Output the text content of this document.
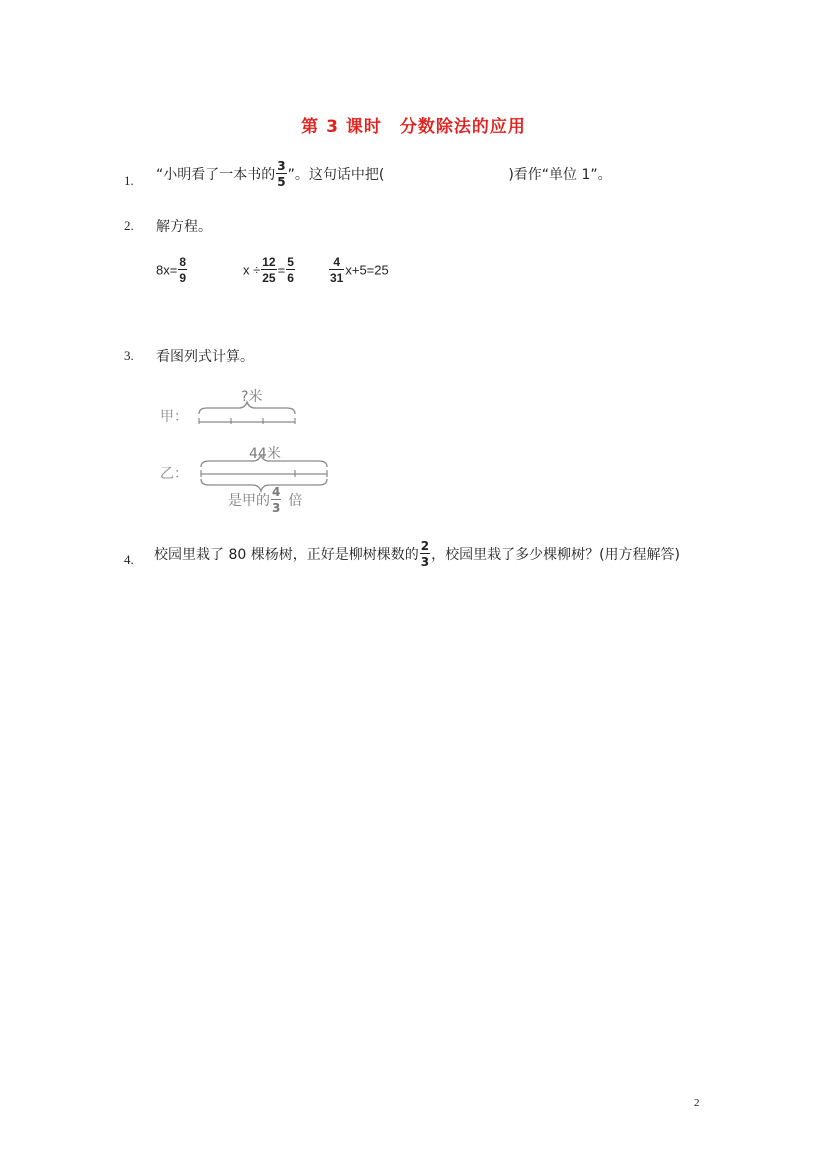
第 3 课时　分数除法的应用
1. “小明看了一本书的 $\frac{3}{5}$ ”。这句话中把(	)看作“单位 1”。
2. 解方程。
$8x= \frac{8}{9}$	$x \div \frac{12}{25} = \frac{5}{6}$	$\frac{4}{31} x+5=25$
3. 看图列式计算。
甲：
?米
乙：
44米
是甲的 $\frac{4}{3}$ 倍
4. 校园里栽了 80 棵杨树，正好是柳树棵数的 $\frac{2}{3}$ ，校园里栽了多少棵柳树？(用方程解答)
2
